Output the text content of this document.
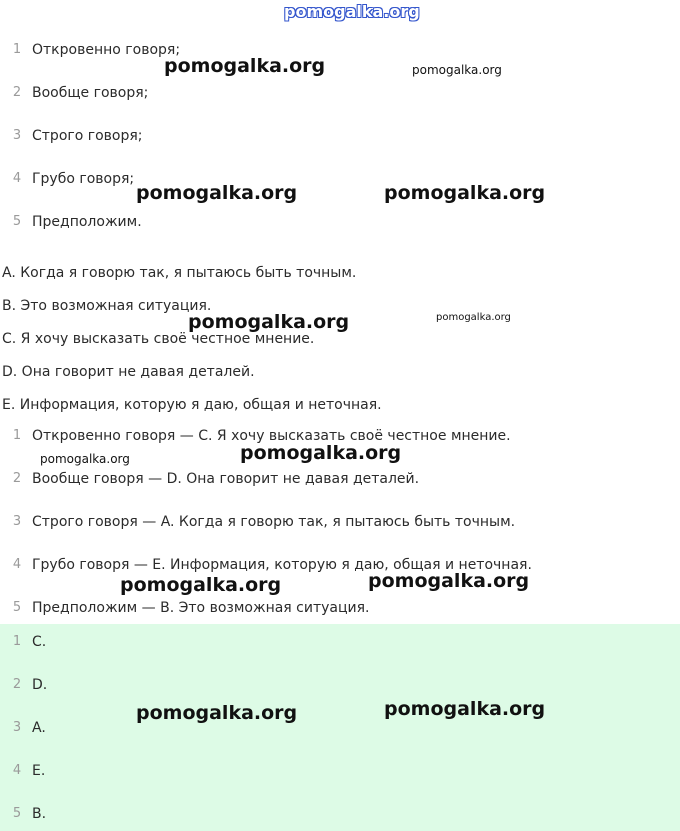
pomogalka.org
1 Откровенно говоря;
2 Вообще говоря;
3 Строго говоря;
4 Грубо говоря;
5 Предположим.
A. Когда я говорю так, я пытаюсь быть точным.
B. Это возможная ситуация.
C. Я хочу высказать своё честное мнение.
D. Она говорит не давая деталей.
E. Информация, которую я даю, общая и неточная.
1 Откровенно говоря — C. Я хочу высказать своё честное мнение.
2 Вообще говоря — D. Она говорит не давая деталей.
3 Строго говоря — A. Когда я говорю так, я пытаюсь быть точным.
4 Грубо говоря — E. Информация, которую я даю, общая и неточная.
5 Предположим — B. Это возможная ситуация.
1 C.
2 D.
3 A.
4 E.
5 B.
pomogalka.org	pomogalka.org
pomogalka.org	pomogalka.org
pomogalka.org	pomogalka.org
pomogalka.org	pomogalka.org
pomogalka.org	pomogalka.org
pomogalka.org	pomogalka.org
